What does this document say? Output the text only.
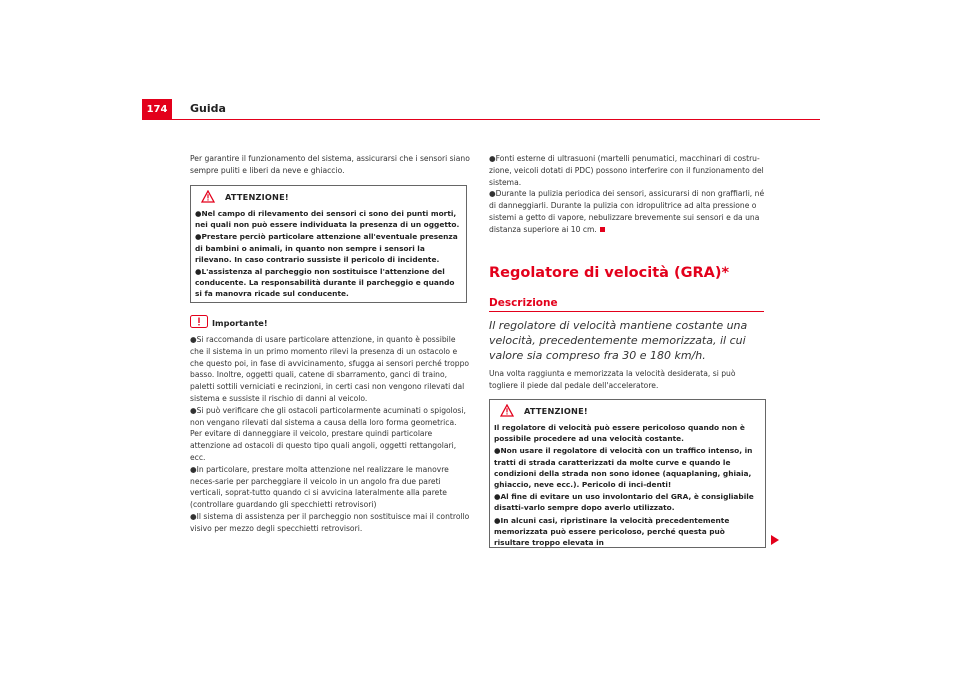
174	Guida

Per garantire il funzionamento del sistema, assicurarsi che i sensori siano sempre puliti e liberi da neve e ghiaccio.

ATTENZIONE!

●Nel campo di rilevamento dei sensori ci sono dei punti morti, nei quali non può essere individuata la presenza di un oggetto.

●Prestare perciò particolare attenzione all'eventuale presenza di bambini o animali, in quanto non sempre i sensori la rilevano. In caso contrario sussiste il pericolo di incidente.

●L'assistenza al parcheggio non sostituisce l'attenzione del conducente. La responsabilità durante il parcheggio e quando si fa manovra ricade sul conducente.

Importante!

●Si raccomanda di usare particolare attenzione, in quanto è possibile che il sistema in un primo momento rilevi la presenza di un ostacolo e che questo poi, in fase di avvicinamento, sfugga ai sensori perché troppo basso. Inoltre, oggetti quali, catene di sbarramento, ganci di traino, paletti sottili verniciati e recinzioni, in certi casi non vengono rilevati dal sistema e sussiste il rischio di danni al veicolo.

●Si può verificare che gli ostacoli particolarmente acuminati o spigolosi, non vengano rilevati dal sistema a causa della loro forma geometrica. Per evitare di danneggiare il veicolo, prestare quindi particolare attenzione ad ostacoli di questo tipo quali angoli, oggetti rettangolari, ecc.

●In particolare, prestare molta attenzione nel realizzare le manovre neces-sarie per parcheggiare il veicolo in un angolo fra due pareti verticali, soprat-tutto quando ci si avvicina lateralmente alla parete (controllare guardando gli specchietti retrovisori)

●Il sistema di assistenza per il parcheggio non sostituisce mai il controllo visivo per mezzo degli specchietti retrovisori.

●Fonti esterne di ultrasuoni (martelli penumatici, macchinari di costru-zione, veicoli dotati di PDC) possono interferire con il funzionamento del sistema.

●Durante la pulizia periodica dei sensori, assicurarsi di non graffiarli, né di danneggiarli. Durante la pulizia con idropulitrice ad alta pressione o sistemi a getto di vapore, nebulizzare brevemente sui sensori e da una distanza superiore ai 10 cm.

Regolatore di velocità (GRA)*
Descrizione
Il regolatore di velocità mantiene costante una velocità, precedentemente memorizzata, il cui valore sia compreso fra 30 e 180 km/h.
Una volta raggiunta e memorizzata la velocità desiderata, si può togliere il piede dal pedale dell'acceleratore.
ATTENZIONE!

Il regolatore di velocità può essere pericoloso quando non è possibile procedere ad una velocità costante.

●Non usare il regolatore di velocità con un traffico intenso, in tratti di strada caratterizzati da molte curve e quando le condizioni della strada non sono idonee (aquaplaning, ghiaia, ghiaccio, neve ecc.). Pericolo di inci-denti!

●Al fine di evitare un uso involontario del GRA, è consigliabile disatti-varlo sempre dopo averlo utilizzato.

●In alcuni casi, ripristinare la velocità precedentemente memorizzata può essere pericoloso, perché questa può risultare troppo elevata in
